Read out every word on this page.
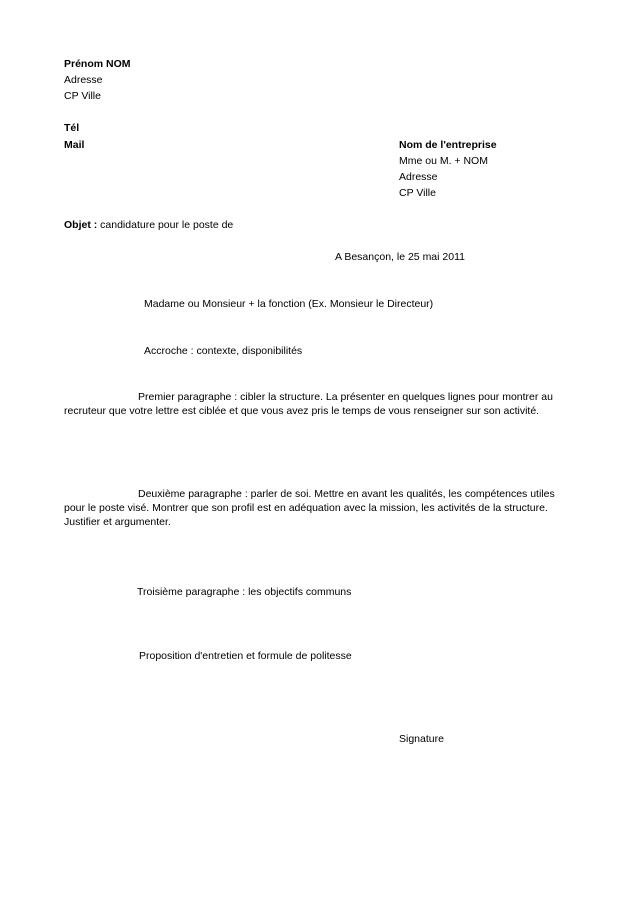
Prénom NOM
Adresse
CP Ville
Tél
Mail	Nom de l'entreprise
Mme ou M. + NOM
Adresse
CP Ville
Objet : candidature pour le poste de
A Besançon, le 25 mai 2011
Madame ou Monsieur + la fonction (Ex. Monsieur le Directeur)
Accroche : contexte, disponibilités
Premier paragraphe : cibler la structure. La présenter en quelques lignes pour montrer au recruteur que votre lettre est ciblée et que vous avez pris le temps de vous renseigner sur son activité.
Deuxième paragraphe : parler de soi. Mettre en avant les qualités, les compétences utiles pour le poste visé. Montrer que son profil est en adéquation avec la mission, les activités de la structure. Justifier et argumenter.
Troisième paragraphe : les objectifs communs
Proposition d'entretien et formule de politesse
Signature
